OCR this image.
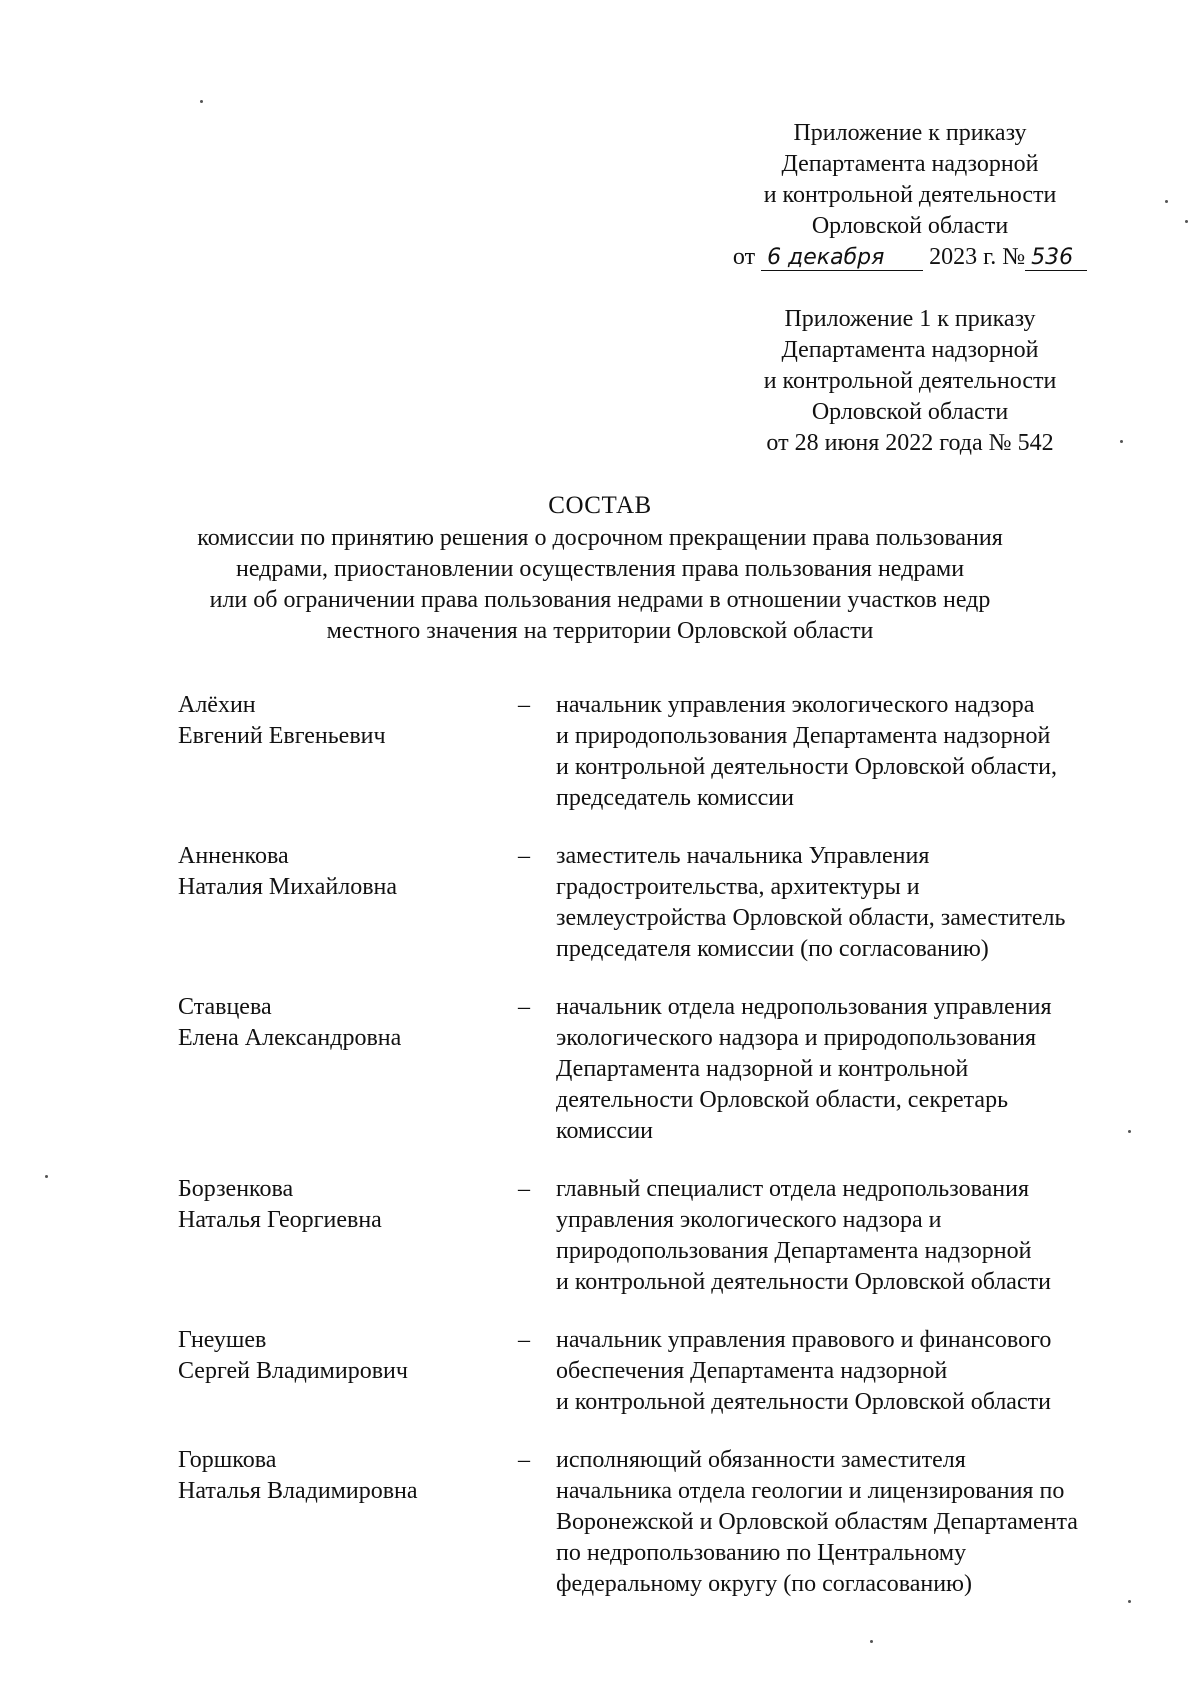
Приложение к приказу
Департамента надзорной
и контрольной деятельности
Орловской области
от 6 декабря 2023 г. № 536
Приложение 1 к приказу
Департамента надзорной
и контрольной деятельности
Орловской области
от 28 июня 2022 года № 542
СОСТАВ
комиссии по принятию решения о досрочном прекращении права пользования
недрами, приостановлении осуществления права пользования недрами
или об ограничении права пользования недрами в отношении участков недр
местного значения на территории Орловской области
Алёхин
Евгений Евгеньевич
–	начальник управления экологического надзора
и природопользования Департамента надзорной
и контрольной деятельности Орловской области,
председатель комиссии
Анненкова
Наталия Михайловна
–	заместитель начальника Управления
градостроительства, архитектуры и
землеустройства Орловской области, заместитель
председателя комиссии (по согласованию)
Ставцева
Елена Александровна
–	начальник отдела недропользования управления
экологического надзора и природопользования
Департамента надзорной и контрольной
деятельности Орловской области, секретарь
комиссии
Борзенкова
Наталья Георгиевна
–	главный специалист отдела недропользования
управления экологического надзора и
природопользования Департамента надзорной
и контрольной деятельности Орловской области
Гнеушев
Сергей Владимирович
–	начальник управления правового и финансового
обеспечения Департамента надзорной
и контрольной деятельности Орловской области
Горшкова
Наталья Владимировна
–	исполняющий обязанности заместителя
начальника отдела геологии и лицензирования по
Воронежской и Орловской областям Департамента
по недропользованию по Центральному
федеральному округу (по согласованию)
